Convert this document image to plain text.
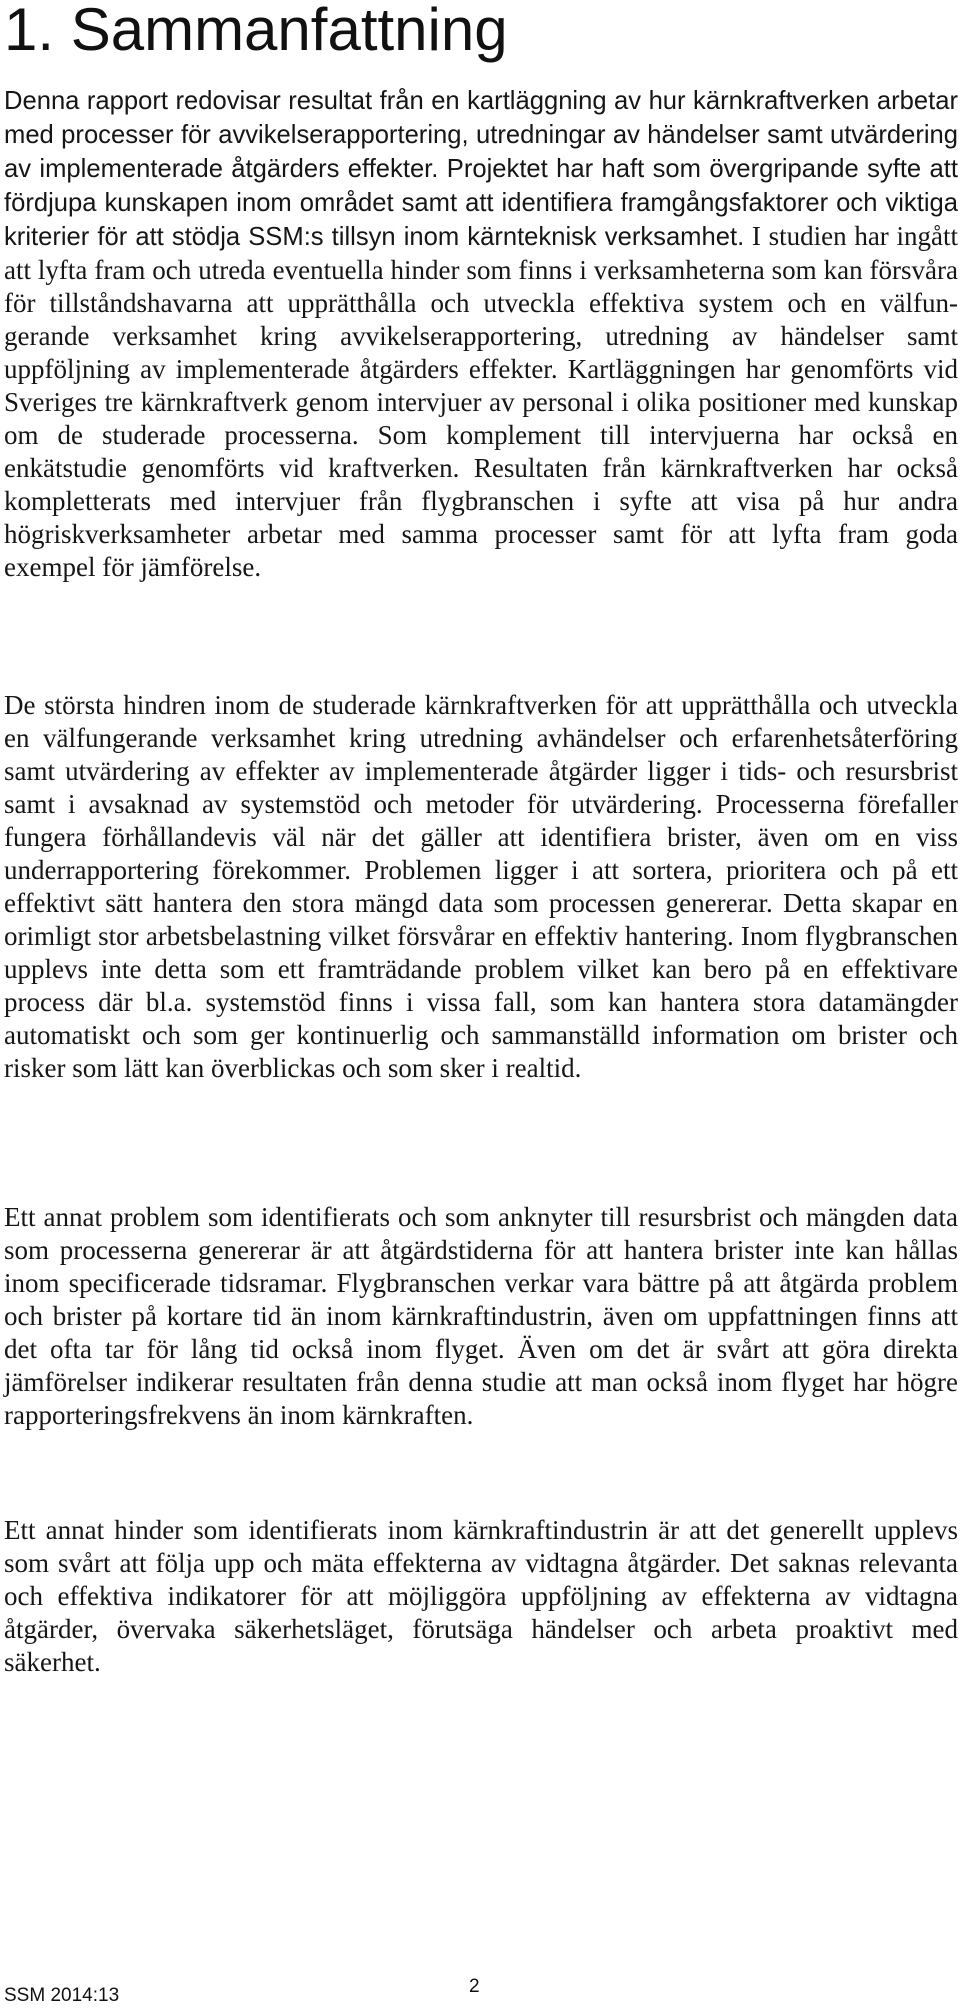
1. Sammanfattning

Denna rapport redovisar resultat från en kartläggning av hur kärnkraftverken arbetar med processer för avvikelserapportering, utredningar av händelser samt utvärdering av implementerade åtgärders effekter. Projektet har haft som övergripande syfte att fördjupa kunskapen inom området samt att identifiera framgångsfaktorer och viktiga kriterier för att stödja SSM:s tillsyn inom kärnteknisk verksamhet. I studien har ingått att lyfta fram och utreda eventuella hinder som finns i verksamheterna som kan försvåra för tillståndshavarna att upprätthålla och utveckla effektiva system och en välfungerande verksamhet kring avvikelserapportering, utredning av händelser samt uppföljning av implementerade åtgärders effekter. Kartläggningen har genomförts vid Sveriges tre kärnkraftverk genom intervjuer av personal i olika positioner med kunskap om de studerade processerna. Som komplement till intervjuerna har också en enkätstudie genomförts vid kraftverken. Resultaten från kärnkraftverken har också kompletterats med intervjuer från flygbranschen i syfte att visa på hur andra högriskverksamheter arbetar med samma processer samt för att lyfta fram goda exempel för jämförelse.

De största hindren inom de studerade kärnkraftverken för att upprätthålla och utveckla en välfungerande verksamhet kring utredning avhändelser och erfarenhetsåterföring samt utvärdering av effekter av implementerade åtgärder ligger i tids- och resursbrist samt i avsaknad av systemstöd och metoder för utvärdering. Processerna förefaller fungera förhållandevis väl när det gäller att identifiera brister, även om en viss underrapportering förekommer. Problemen ligger i att sortera, prioritera och på ett effektivt sätt hantera den stora mängd data som processen genererar. Detta skapar en orimligt stor arbetsbelastning vilket försvårar en effektiv hantering. Inom flygbranschen upplevs inte detta som ett framträdande problem vilket kan bero på en effektivare process där bl.a. systemstöd finns i vissa fall, som kan hantera stora datamängder automatiskt och som ger kontinuerlig och sammanställd information om brister och risker som lätt kan överblickas och som sker i realtid.

Ett annat problem som identifierats och som anknyter till resursbrist och mängden data som processerna genererar är att åtgärdstiderna för att hantera brister inte kan hållas inom specificerade tidsramar. Flygbranschen verkar vara bättre på att åtgärda problem och brister på kortare tid än inom kärnkraftindustrin, även om uppfattningen finns att det ofta tar för lång tid också inom flyget. Även om det är svårt att göra direkta jämförelser indikerar resultaten från denna studie att man också inom flyget har högre rapporteringsfrekvens än inom kärnkraften.

Ett annat hinder som identifierats inom kärnkraftindustrin är att det generellt upplevs som svårt att följa upp och mäta effekterna av vidtagna åtgärder. Det saknas relevanta och effektiva indikatorer för att möjliggöra uppföljning av effekterna av vidtagna åtgärder, övervaka säkerhetsläget, förutsäga händelser och arbeta proaktivt med säkerhet.

SSM 2014:13	2
